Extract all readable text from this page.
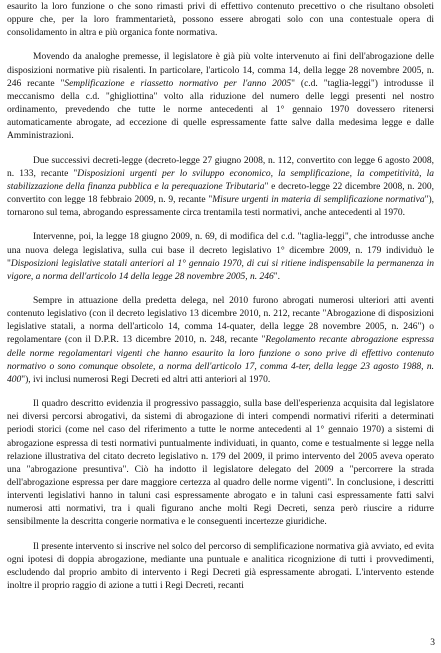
esaurito la loro funzione o che sono rimasti privi di effettivo contenuto precettivo o che risultano obsoleti oppure che, per la loro frammentarietà, possono essere abrogati solo con una contestuale opera di consolidamento in altra e più organica fonte normativa.

Movendo da analoghe premesse, il legislatore è già più volte intervenuto ai fini dell'abrogazione delle disposizioni normative più risalenti. In particolare, l'articolo 14, comma 14, della legge 28 novembre 2005, n. 246 recante "Semplificazione e riassetto normativo per l'anno 2005" (c.d. "taglia-leggi") introdusse il meccanismo della c.d. "ghigliottina" volto alla riduzione del numero delle leggi presenti nel nostro ordinamento, prevedendo che tutte le norme antecedenti al 1° gennaio 1970 dovessero ritenersi automaticamente abrogate, ad eccezione di quelle espressamente fatte salve dalla medesima legge e dalle Amministrazioni.

Due successivi decreti-legge (decreto-legge 27 giugno 2008, n. 112, convertito con legge 6 agosto 2008, n. 133, recante "Disposizioni urgenti per lo sviluppo economico, la semplificazione, la competitività, la stabilizzazione della finanza pubblica e la perequazione Tributaria" e decreto-legge 22 dicembre 2008, n. 200, convertito con legge 18 febbraio 2009, n. 9, recante "Misure urgenti in materia di semplificazione normativa"), tornarono sul tema, abrogando espressamente circa trentamila testi normativi, anche antecedenti al 1970.

Intervenne, poi, la legge 18 giugno 2009, n. 69, di modifica del c.d. "taglia-leggi", che introdusse anche una nuova delega legislativa, sulla cui base il decreto legislativo 1° dicembre 2009, n. 179 individuò le "Disposizioni legislative statali anteriori al 1° gennaio 1970, di cui si ritiene indispensabile la permanenza in vigore, a norma dell'articolo 14 della legge 28 novembre 2005, n. 246".

Sempre in attuazione della predetta delega, nel 2010 furono abrogati numerosi ulteriori atti aventi contenuto legislativo (con il decreto legislativo 13 dicembre 2010, n. 212, recante "Abrogazione di disposizioni legislative statali, a norma dell'articolo 14, comma 14-quater, della legge 28 novembre 2005, n. 246") o regolamentare (con il D.P.R. 13 dicembre 2010, n. 248, recante "Regolamento recante abrogazione espressa delle norme regolamentari vigenti che hanno esaurito la loro funzione o sono prive di effettivo contenuto normativo o sono comunque obsolete, a norma dell'articolo 17, comma 4-ter, della legge 23 agosto 1988, n. 400"), ivi inclusi numerosi Regi Decreti ed altri atti anteriori al 1970.

Il quadro descritto evidenzia il progressivo passaggio, sulla base dell'esperienza acquisita dal legislatore nei diversi percorsi abrogativi, da sistemi di abrogazione di interi compendi normativi riferiti a determinati periodi storici (come nel caso del riferimento a tutte le norme antecedenti al 1° gennaio 1970) a sistemi di abrogazione espressa di testi normativi puntualmente individuati, in quanto, come e testualmente si legge nella relazione illustrativa del citato decreto legislativo n. 179 del 2009, il primo intervento del 2005 aveva operato una "abrogazione presuntiva". Ciò ha indotto il legislatore delegato del 2009 a "percorrere la strada dell'abrogazione espressa per dare maggiore certezza al quadro delle norme vigenti". In conclusione, i descritti interventi legislativi hanno in taluni casi espressamente abrogato e in taluni casi espressamente fatti salvi numerosi atti normativi, tra i quali figurano anche molti Regi Decreti, senza però riuscire a ridurre sensibilmente la descritta congerie normativa e le conseguenti incertezze giuridiche.

Il presente intervento si inscrive nel solco del percorso di semplificazione normativa già avviato, ed evita ogni ipotesi di doppia abrogazione, mediante una puntuale e analitica ricognizione di tutti i provvedimenti, escludendo dal proprio ambito di intervento i Regi Decreti già espressamente abrogati. L'intervento estende inoltre il proprio raggio di azione a tutti i Regi Decreti, recanti

3
